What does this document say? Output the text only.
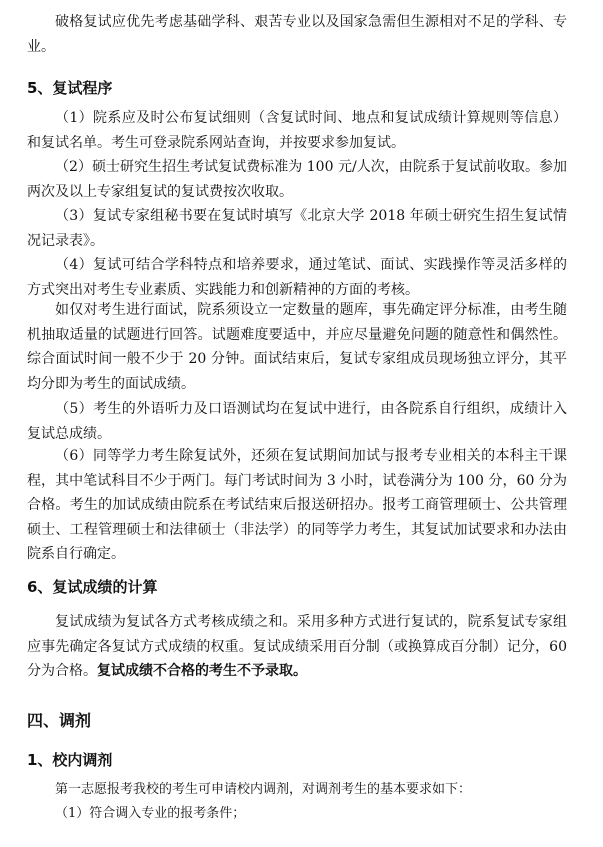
破格复试应优先考虑基础学科、艰苦专业以及国家急需但生源相对不足的学科、专业。

5、复试程序

（1）院系应及时公布复试细则（含复试时间、地点和复试成绩计算规则等信息）和复试名单。考生可登录院系网站查询，并按要求参加复试。

（2）硕士研究生招生考试复试费标准为 100 元/人次，由院系于复试前收取。参加两次及以上专家组复试的复试费按次收取。

（3）复试专家组秘书要在复试时填写《北京大学 2018 年硕士研究生招生复试情况记录表》。

（4）复试可结合学科特点和培养要求，通过笔试、面试、实践操作等灵活多样的方式突出对考生专业素质、实践能力和创新精神的方面的考核。

如仅对考生进行面试，院系须设立一定数量的题库，事先确定评分标准，由考生随机抽取适量的试题进行回答。试题难度要适中，并应尽量避免问题的随意性和偶然性。综合面试时间一般不少于 20 分钟。面试结束后，复试专家组成员现场独立评分，其平均分即为考生的面试成绩。

（5）考生的外语听力及口语测试均在复试中进行，由各院系自行组织，成绩计入复试总成绩。

（6）同等学力考生除复试外，还须在复试期间加试与报考专业相关的本科主干课程，其中笔试科目不少于两门。每门考试时间为 3 小时，试卷满分为 100 分，60 分为合格。考生的加试成绩由院系在考试结束后报送研招办。报考工商管理硕士、公共管理硕士、工程管理硕士和法律硕士（非法学）的同等学力考生，其复试加试要求和办法由院系自行确定。

6、复试成绩的计算

复试成绩为复试各方式考核成绩之和。采用多种方式进行复试的，院系复试专家组应事先确定各复试方式成绩的权重。复试成绩采用百分制（或换算成百分制）记分，60分为合格。复试成绩不合格的考生不予录取。

四、调剂
1、校内调剂

第一志愿报考我校的考生可申请校内调剂，对调剂考生的基本要求如下：

（1）符合调入专业的报考条件；
